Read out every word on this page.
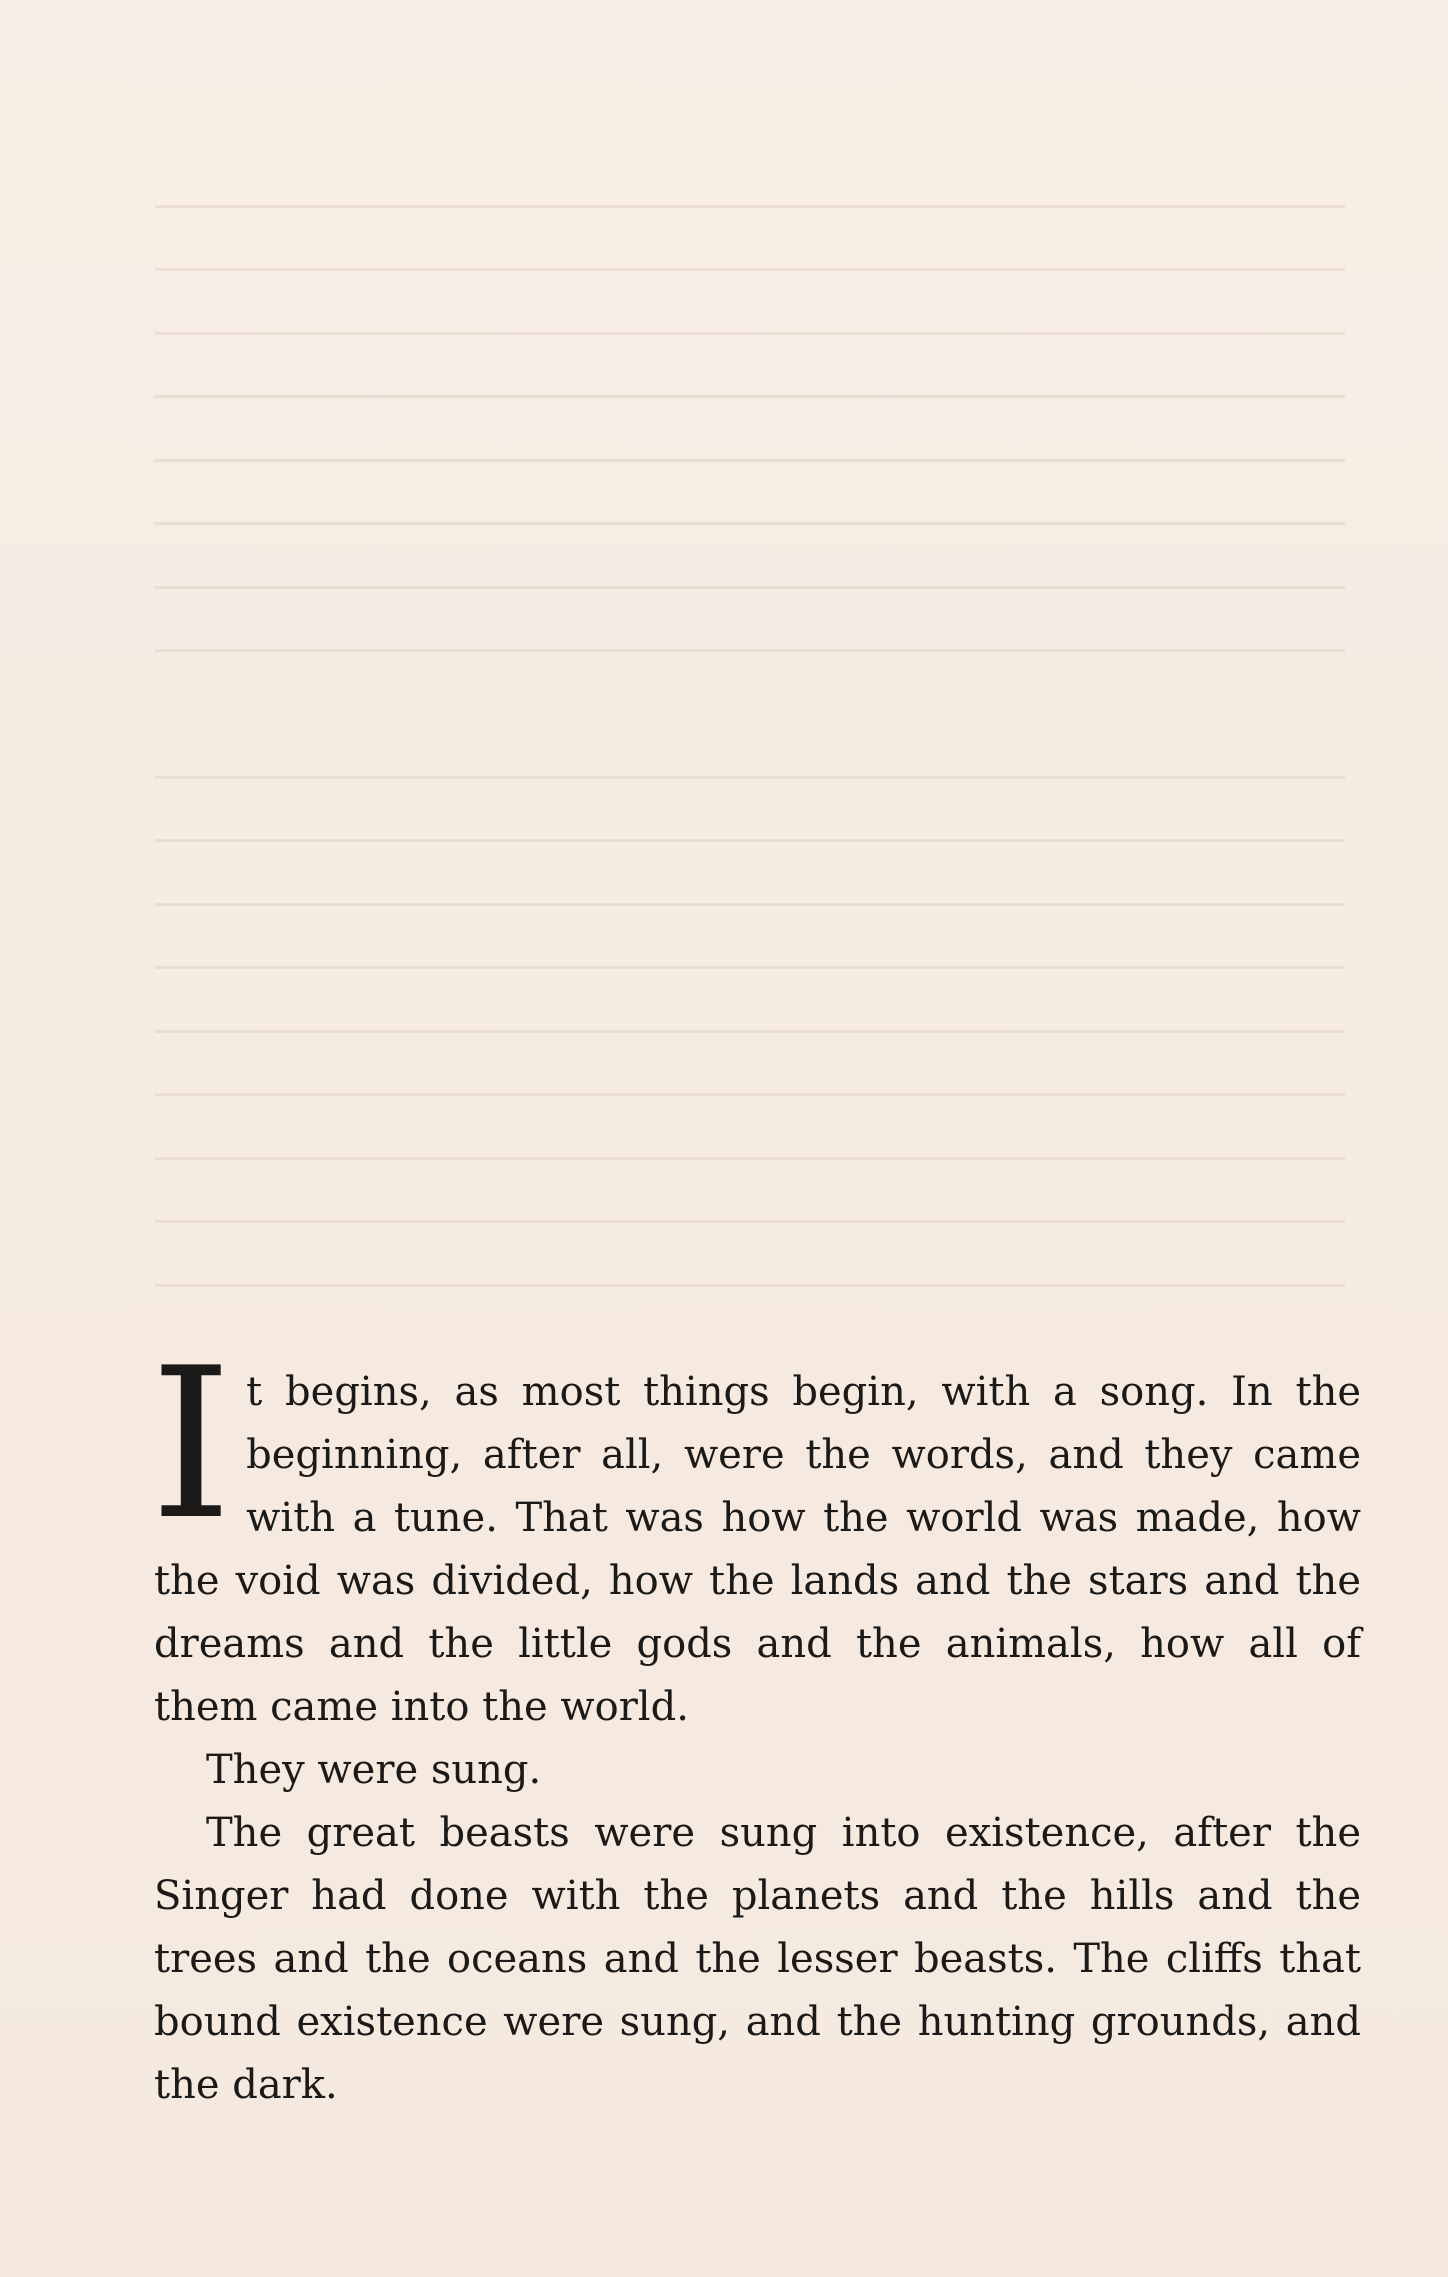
It begins, as most things begin, with a song. In the beginning, after all, were the words, and they came with a tune. That was how the world was made, how the void was divided, how the lands and the stars and the dreams and the little gods and the animals, how all of them came into the world.

They were sung.

The great beasts were sung into existence, after the Singer had done with the planets and the hills and the trees and the oceans and the lesser beasts. The cliffs that bound existence were sung, and the hunting grounds, and the dark.
